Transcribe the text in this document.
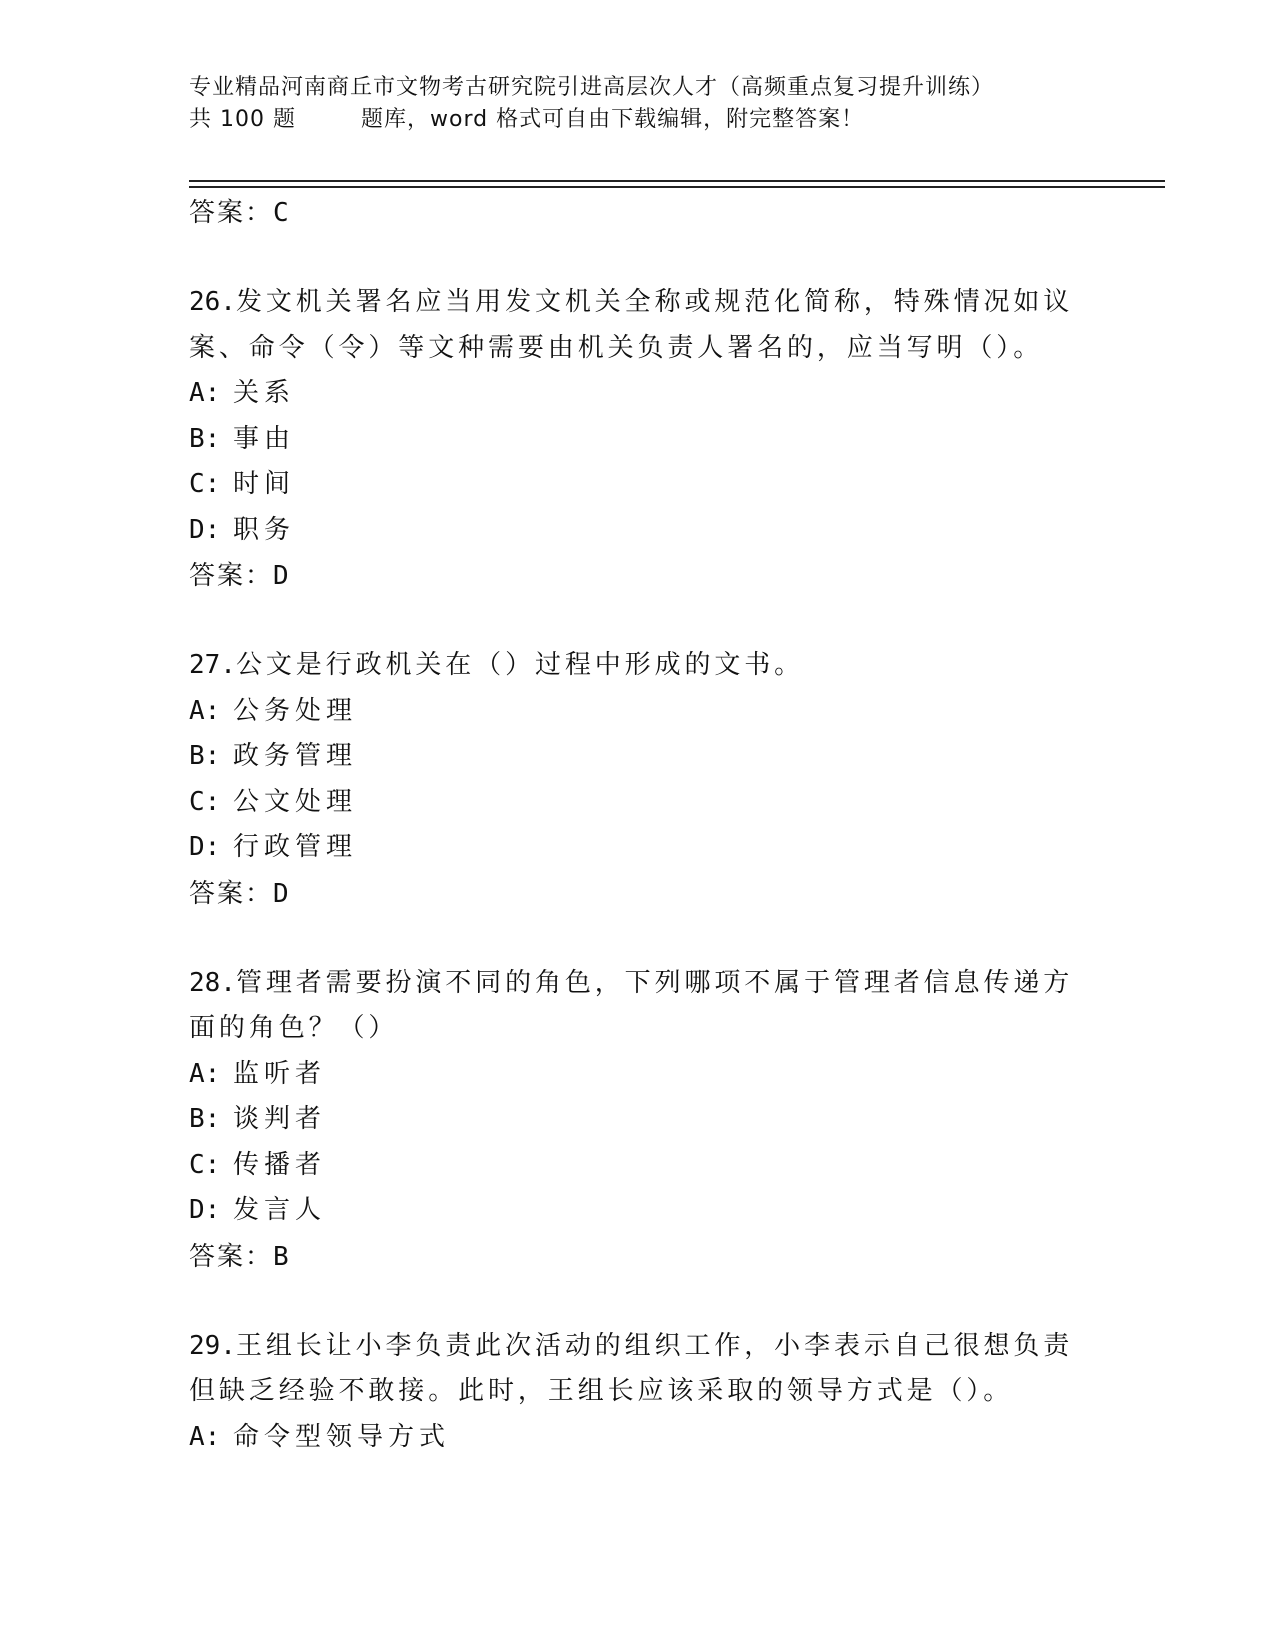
专业精品河南商丘市文物考古研究院引进高层次人才（高频重点复习提升训练）
共 100 题	题库，word 格式可自由下载编辑，附完整答案！
答案：C
26.发文机关署名应当用发文机关全称或规范化简称，特殊情况如议案、命令（令）等文种需要由机关负责人署名的，应当写明（）。
A: 关系
B: 事由
C: 时间
D: 职务
答案：D
27.公文是行政机关在（）过程中形成的文书。
A: 公务处理
B: 政务管理
C: 公文处理
D: 行政管理
答案：D
28.管理者需要扮演不同的角色，下列哪项不属于管理者信息传递方面的角色？（）
A: 监听者
B: 谈判者
C: 传播者
D: 发言人
答案：B
29.王组长让小李负责此次活动的组织工作，小李表示自己很想负责但缺乏经验不敢接。此时，王组长应该采取的领导方式是（）。
A: 命令型领导方式
